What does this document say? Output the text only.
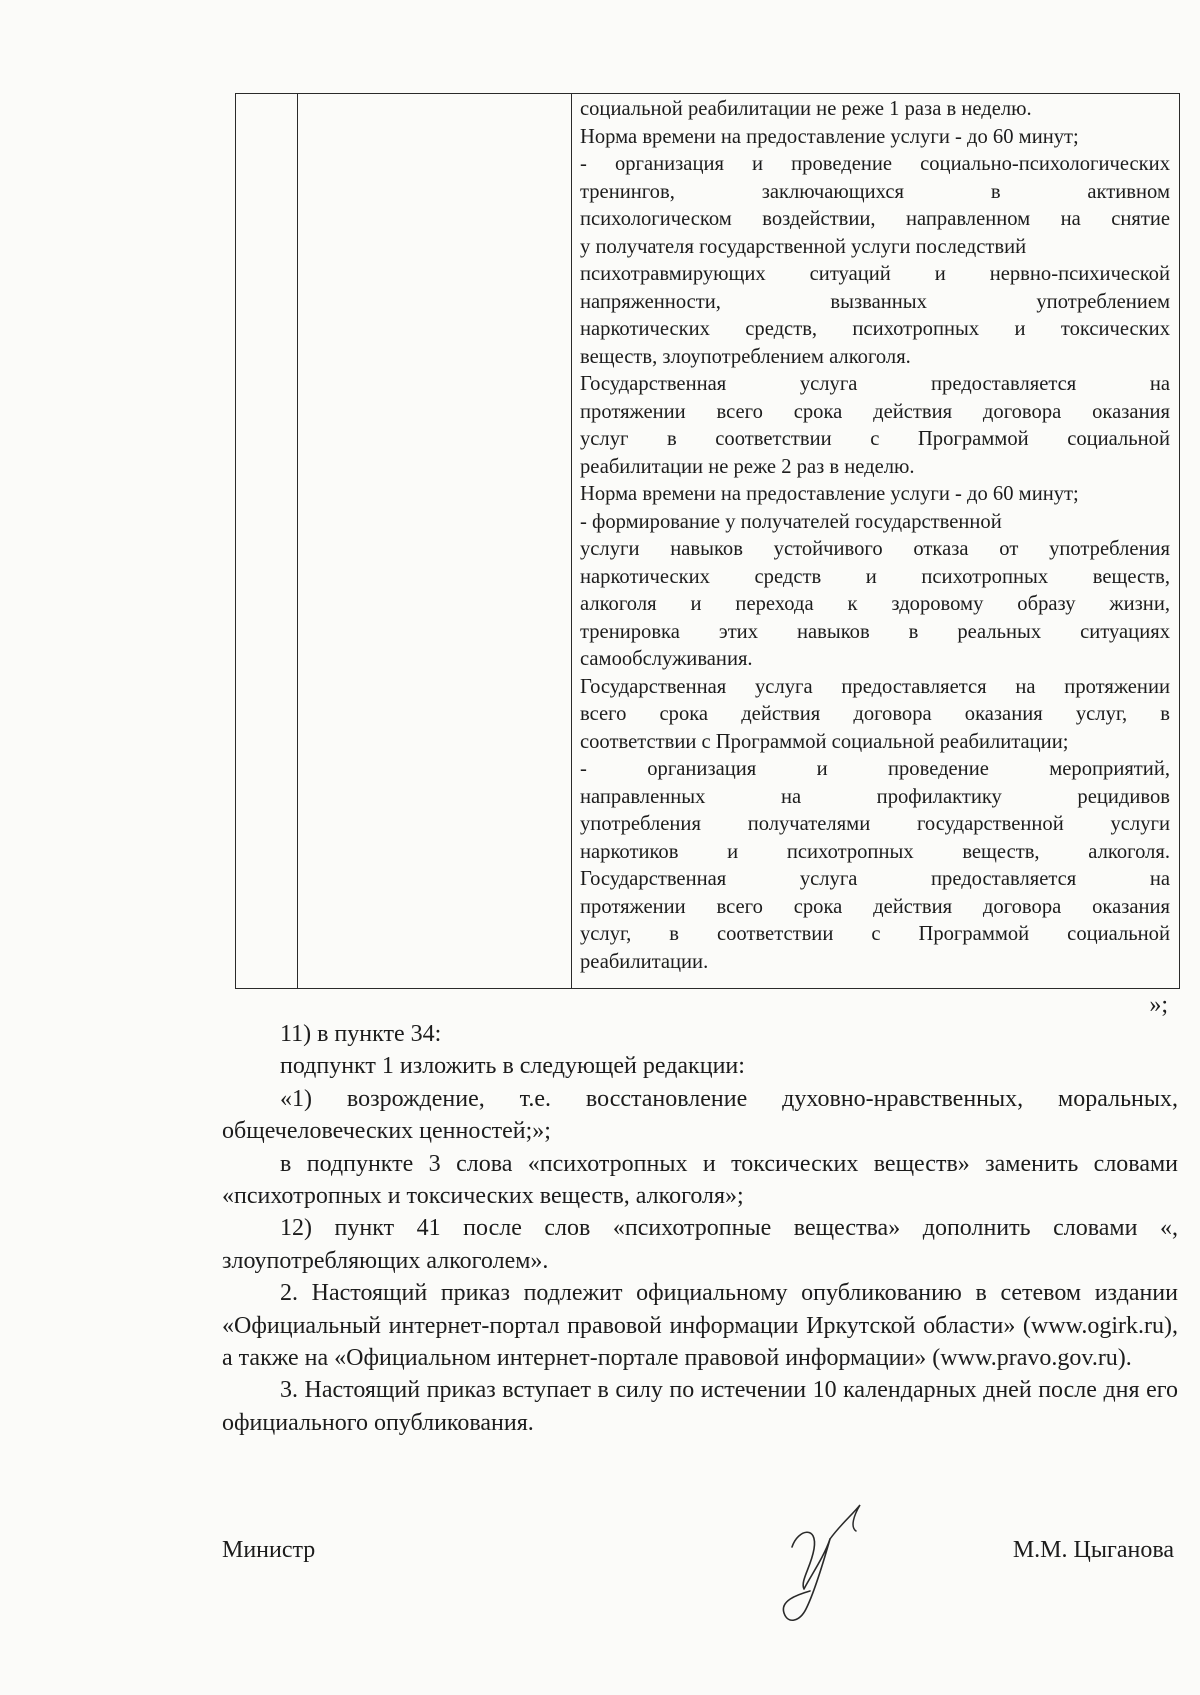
социальной реабилитации не реже 1 раза в неделю.

Норма времени на предоставление услуги - до 60 минут;

- организация и проведение социально-психологических

тренингов, заключающихся в активном

психологическом воздействии, направленном на снятие

у получателя государственной услуги последствий

психотравмирующих ситуаций и нервно-психической

напряженности, вызванных употреблением

наркотических средств, психотропных и токсических

веществ, злоупотреблением алкоголя.

Государственная услуга предоставляется на

протяжении всего срока действия договора оказания

услуг в соответствии с Программой социальной

реабилитации не реже 2 раз в неделю.

Норма времени на предоставление услуги - до 60 минут;

- формирование у получателей государственной

услуги навыков устойчивого отказа от употребления

наркотических средств и психотропных веществ,

алкоголя и перехода к здоровому образу жизни,

тренировка этих навыков в реальных ситуациях

самообслуживания.

Государственная услуга предоставляется на протяжении

всего срока действия договора оказания услуг, в

соответствии с Программой социальной реабилитации;

- организация и проведение мероприятий,

направленных на профилактику рецидивов

употребления получателями государственной услуги

наркотиков и психотропных веществ, алкоголя.

Государственная услуга предоставляется на

протяжении всего срока действия договора оказания

услуг, в соответствии с Программой социальной

реабилитации.

»;

11) в пункте 34:

подпункт 1 изложить в следующей редакции:

«1) возрождение, т.е. восстановление духовно-нравственных, моральных, общечеловеческих ценностей;»;

в подпункте 3 слова «психотропных и токсических веществ» заменить словами «психотропных и токсических веществ, алкоголя»;

12) пункт 41 после слов «психотропные вещества» дополнить словами «, злоупотребляющих алкоголем».

2. Настоящий приказ подлежит официальному опубликованию в сетевом издании «Официальный интернет-портал правовой информации Иркутской области» (www.ogirk.ru), а также на «Официальном интернет-портале правовой информации» (www.pravo.gov.ru).

3. Настоящий приказ вступает в силу по истечении 10 календарных дней после дня его официального опубликования.

Министр	М.М. Цыганова
